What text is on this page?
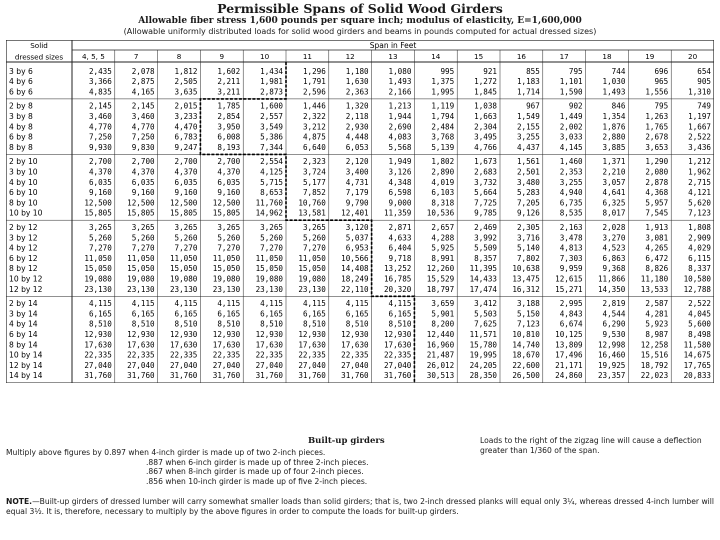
Permissible Spans of Solid Wood Girders
Allowable fiber stress 1,600 pounds per square inch; modulus of elasticity, E=1,600,000
(Allowable uniformly distributed loads for solid wood girders and beams in pounds computed for actual dressed sizes)
Solid
dressed sizes
Span in Feet
4, 5, 5	7	8	9	10	11	12	13	14	15	16	17	18	19	20
3 by 6	2,435	2,078	1,812	1,602	1,434	1,296	1,180	1,080	995	921	855	795	744	696	654
4 by 6	3,366	2,875	2,505	2,211	1,981	1,791	1,630	1,493	1,375	1,272	1,183	1,101	1,030	965	905
6 by 6	4,835	4,165	3,635	3,211	2,873	2,596	2,363	2,166	1,995	1,845	1,714	1,590	1,493	1,556	1,310
2 by 8	2,145	2,145	2,015	1,785	1,600	1,446	1,320	1,213	1,119	1,038	967	902	846	795	749
3 by 8	3,460	3,460	3,233	2,854	2,557	2,322	2,118	1,944	1,794	1,663	1,549	1,449	1,354	1,263	1,197
4 by 8	4,770	4,770	4,470	3,950	3,549	3,212	2,930	2,690	2,484	2,304	2,155	2,002	1,876	1,765	1,667
6 by 8	7,250	7,250	6,783	6,008	5,386	4,875	4,448	4,083	3,768	3,495	3,255	3,033	2,880	2,678	2,522
8 by 8	9,930	9,830	9,247	8,193	7,344	6,640	6,053	5,568	5,139	4,766	4,437	4,145	3,885	3,653	3,436
2 by 10	2,700	2,700	2,700	2,700	2,554	2,323	2,120	1,949	1,802	1,673	1,561	1,460	1,371	1,290	1,212
3 by 10	4,370	4,370	4,370	4,370	4,125	3,724	3,400	3,126	2,890	2,683	2,501	2,353	2,210	2,080	1,962
4 by 10	6,035	6,035	6,035	6,035	5,715	5,177	4,731	4,348	4,019	3,732	3,480	3,255	3,057	2,878	2,715
6 by 10	9,160	9,160	9,160	9,160	8,653	7,852	7,179	6,598	6,103	5,664	5,283	4,940	4,641	4,368	4,121
8 by 10	12,500 12,500 12,500 12,500 11,760 10,760	9,790	9,000	8,318	7,725	7,205	6,735	6,325	5,957	5,620
10 by 10	15,805 15,805 15,805 15,805 14,962 13,581 12,401 11,359 10,536	9,785	9,126	8,535	8,017	7,545	7,123
2 by 12	3,265	3,265	3,265	3,265	3,265	3,265	3,120	2,871	2,657	2,469	2,305	2,163	2,028	1,913	1,808
3 by 12	5,260	5,260	5,260	5,260	5,260	5,260	5,037	4,633	4,288	3,992	3,716	3,478	3,270	3,081	2,909
4 by 12	7,270	7,270	7,270	7,270	7,270	7,270	6,953	6,404	5,925	5,509	5,140	4,813	4,523	4,265	4,029
6 by 12	11,050 11,050 11,050 11,050 11,050 11,050 10,566	9,718	8,991	8,357	7,802	7,303	6,863	6,472	6,115
8 by 12	15,050 15,050 15,050 15,050 15,050 15,050 14,408 13,252 12,260 11,395 10,638	9,959	9,368	8,826	8,337
10 by 12	19,080 19,080 19,080 19,080 19,080 19,080 18,249 16,785 15,529 14,433 13,475 12,615 11,866 11,180 10,580
12 by 12	23,130 23,130 23,130 23,130 23,130 23,130 22,110 20,320 18,797 17,474 16,312 15,271 14,350 13,533 12,788
2 by 14	4,115	4,115	4,115	4,115	4,115	4,115	4,115	4,115	3,659	3,412	3,188	2,995	2,819	2,587	2,522
3 by 14	6,165	6,165	6,165	6,165	6,165	6,165	6,165	6,165	5,901	5,503	5,150	4,843	4,544	4,281	4,045
4 by 14	8,510	8,510	8,510	8,510	8,510	8,510	8,510	8,510	8,200	7,625	7,123	6,674	6,290	5,923	5,600
6 by 14	12,930 12,930 12,930 12,930 12,930 12,930 12,930 12,930 12,440 11,571 10,810 10,125	9,530	8,987	8,498
8 by 14	17,630 17,630 17,630 17,630 17,630 17,630 17,630 17,630 16,960 15,780 14,740 13,809 12,998 12,258 11,580
10 by 14	22,335 22,335 22,335 22,335 22,335 22,335 22,335 22,335 21,487 19,995 18,670 17,496 16,460 15,516 14,675
12 by 14	27,040 27,040 27,040 27,040 27,040 27,040 27,040 27,040 26,012 24,205 22,600 21,171 19,925 18,792 17,765
14 by 14	31,760 31,760 31,760 31,760 31,760 31,760 31,760 31,760 30,513 28,350 26,500 24,860 23,357 22,023 20,833
Built-up girders
Multiply above figures by 0.897 when 4-inch girder is made up of two 2-inch pieces.
.887 when 6-inch girder is made up of three 2-inch pieces.
.867 when 8-inch girder is made up of four 2-inch pieces.
.856 when 10-inch girder is made up of five 2-inch pieces.
Loads to the right of the zigzag line will cause a deflection greater than 1/360 of the span.
NOTE.—Built-up girders of dressed lumber will carry somewhat smaller loads than solid girders; that is, two 2-inch dressed planks will equal only 3¼, whereas dressed 4-inch lumber will equal 3½. It is, therefore, necessary to multiply by the above figures in order to compute the loads for built-up girders.
